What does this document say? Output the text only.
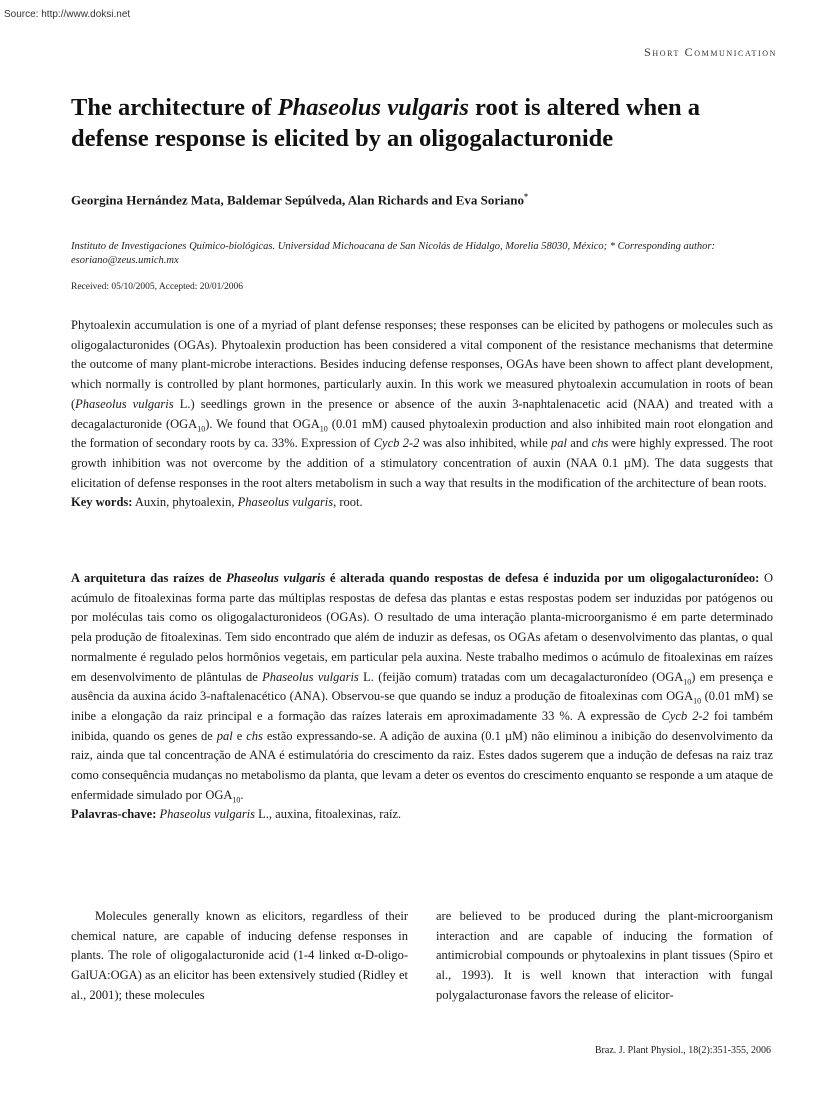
Source: http://www.doksi.net
Short Communication
The architecture of Phaseolus vulgaris root is altered when a defense response is elicited by an oligogalacturonide
Georgina Hernández Mata, Baldemar Sepúlveda, Alan Richards and Eva Soriano*
Instituto de Investigaciones Químico-biológicas. Universidad Michoacana de San Nicolás de Hidalgo, Morelia 58030, México; * Corresponding author: esoriano@zeus.umich.mx
Received: 05/10/2005, Accepted: 20/01/2006

Phytoalexin accumulation is one of a myriad of plant defense responses; these responses can be elicited by pathogens or molecules such as oligogalacturonides (OGAs). Phytoalexin production has been considered a vital component of the resistance mechanisms that determine the outcome of many plant-microbe interactions. Besides inducing defense responses, OGAs have been shown to affect plant development, which normally is controlled by plant hormones, particularly auxin. In this work we measured phytoalexin accumulation in roots of bean (Phaseolus vulgaris L.) seedlings grown in the presence or absence of the auxin 3-naphtalenacetic acid (NAA) and treated with a decagalacturonide $(OGA_{10})$. We found that $OGA_{10}$ (0.01 mM) caused phytoalexin production and also inhibited main root elongation and the formation of secondary roots by ca. 33%. Expression of Cycb 2-2 was also inhibited, while pal and chs were highly expressed. The root growth inhibition was not overcome by the addition of a stimulatory concentration of auxin (NAA 0.1 µM). The data suggests that elicitation of defense responses in the root alters metabolism in such a way that results in the modification of the architecture of bean roots.
Key words: Auxin, phytoalexin, Phaseolus vulgaris, root.

A arquitetura das raízes de Phaseolus vulgaris é alterada quando respostas de defesa é induzida por um oligogalacturonídeo: O acúmulo de fitoalexinas forma parte das múltiplas respostas de defesa das plantas e estas respostas podem ser induzidas por patógenos ou por moléculas tais como os oligogalacturonideos (OGAs). O resultado de uma interação planta-microorganismo é em parte determinado pela produção de fitoalexinas. Tem sido encontrado que além de induzir as defesas, os OGAs afetam o desenvolvimento das plantas, o qual normalmente é regulado pelos hormônios vegetais, em particular pela auxina. Neste trabalho medimos o acúmulo de fitoalexinas em raízes em desenvolvimento de plântulas de Phaseolus vulgaris L. (feijão comum) tratadas com um decagalacturonídeo $(OGA_{10})$ em presença e ausência da auxina ácido 3-naftalenacético (ANA). Observou-se que quando se induz a produção de fitoalexinas com $OGA_{10}$ (0.01 mM) se inibe a elongação da raiz principal e a formação das raízes laterais em aproximadamente 33 %. A expressão de Cycb 2-2 foi também inibida, quando os genes de pal e chs estão expressando-se. A adição de auxina (0.1 µM) não eliminou a inibição do desenvolvimento da raiz, ainda que tal concentração de ANA é estimulatória do crescimento da raiz. Estes dados sugerem que a indução de defesas na raiz traz como consequência mudanças no metabolismo da planta, que levam a deter os eventos do crescimento enquanto se responde a um ataque de enfermidade simulado por $OGA_{10}$.
Palavras-chave: Phaseolus vulgaris L., auxina, fitoalexinas, raíz.

Molecules generally known as elicitors, regardless of their chemical nature, are capable of inducing defense responses in plants. The role of oligogalacturonide acid (1-4 linked α-D-oligo-GalUA:OGA) as an elicitor has been extensively studied (Ridley et al., 2001); these molecules

are believed to be produced during the plant-microorganism interaction and are capable of inducing the formation of antimicrobial compounds or phytoalexins in plant tissues (Spiro et al., 1993). It is well known that interaction with fungal polygalacturonase favors the release of elicitor-

Braz. J. Plant Physiol., 18(2):351-355, 2006
